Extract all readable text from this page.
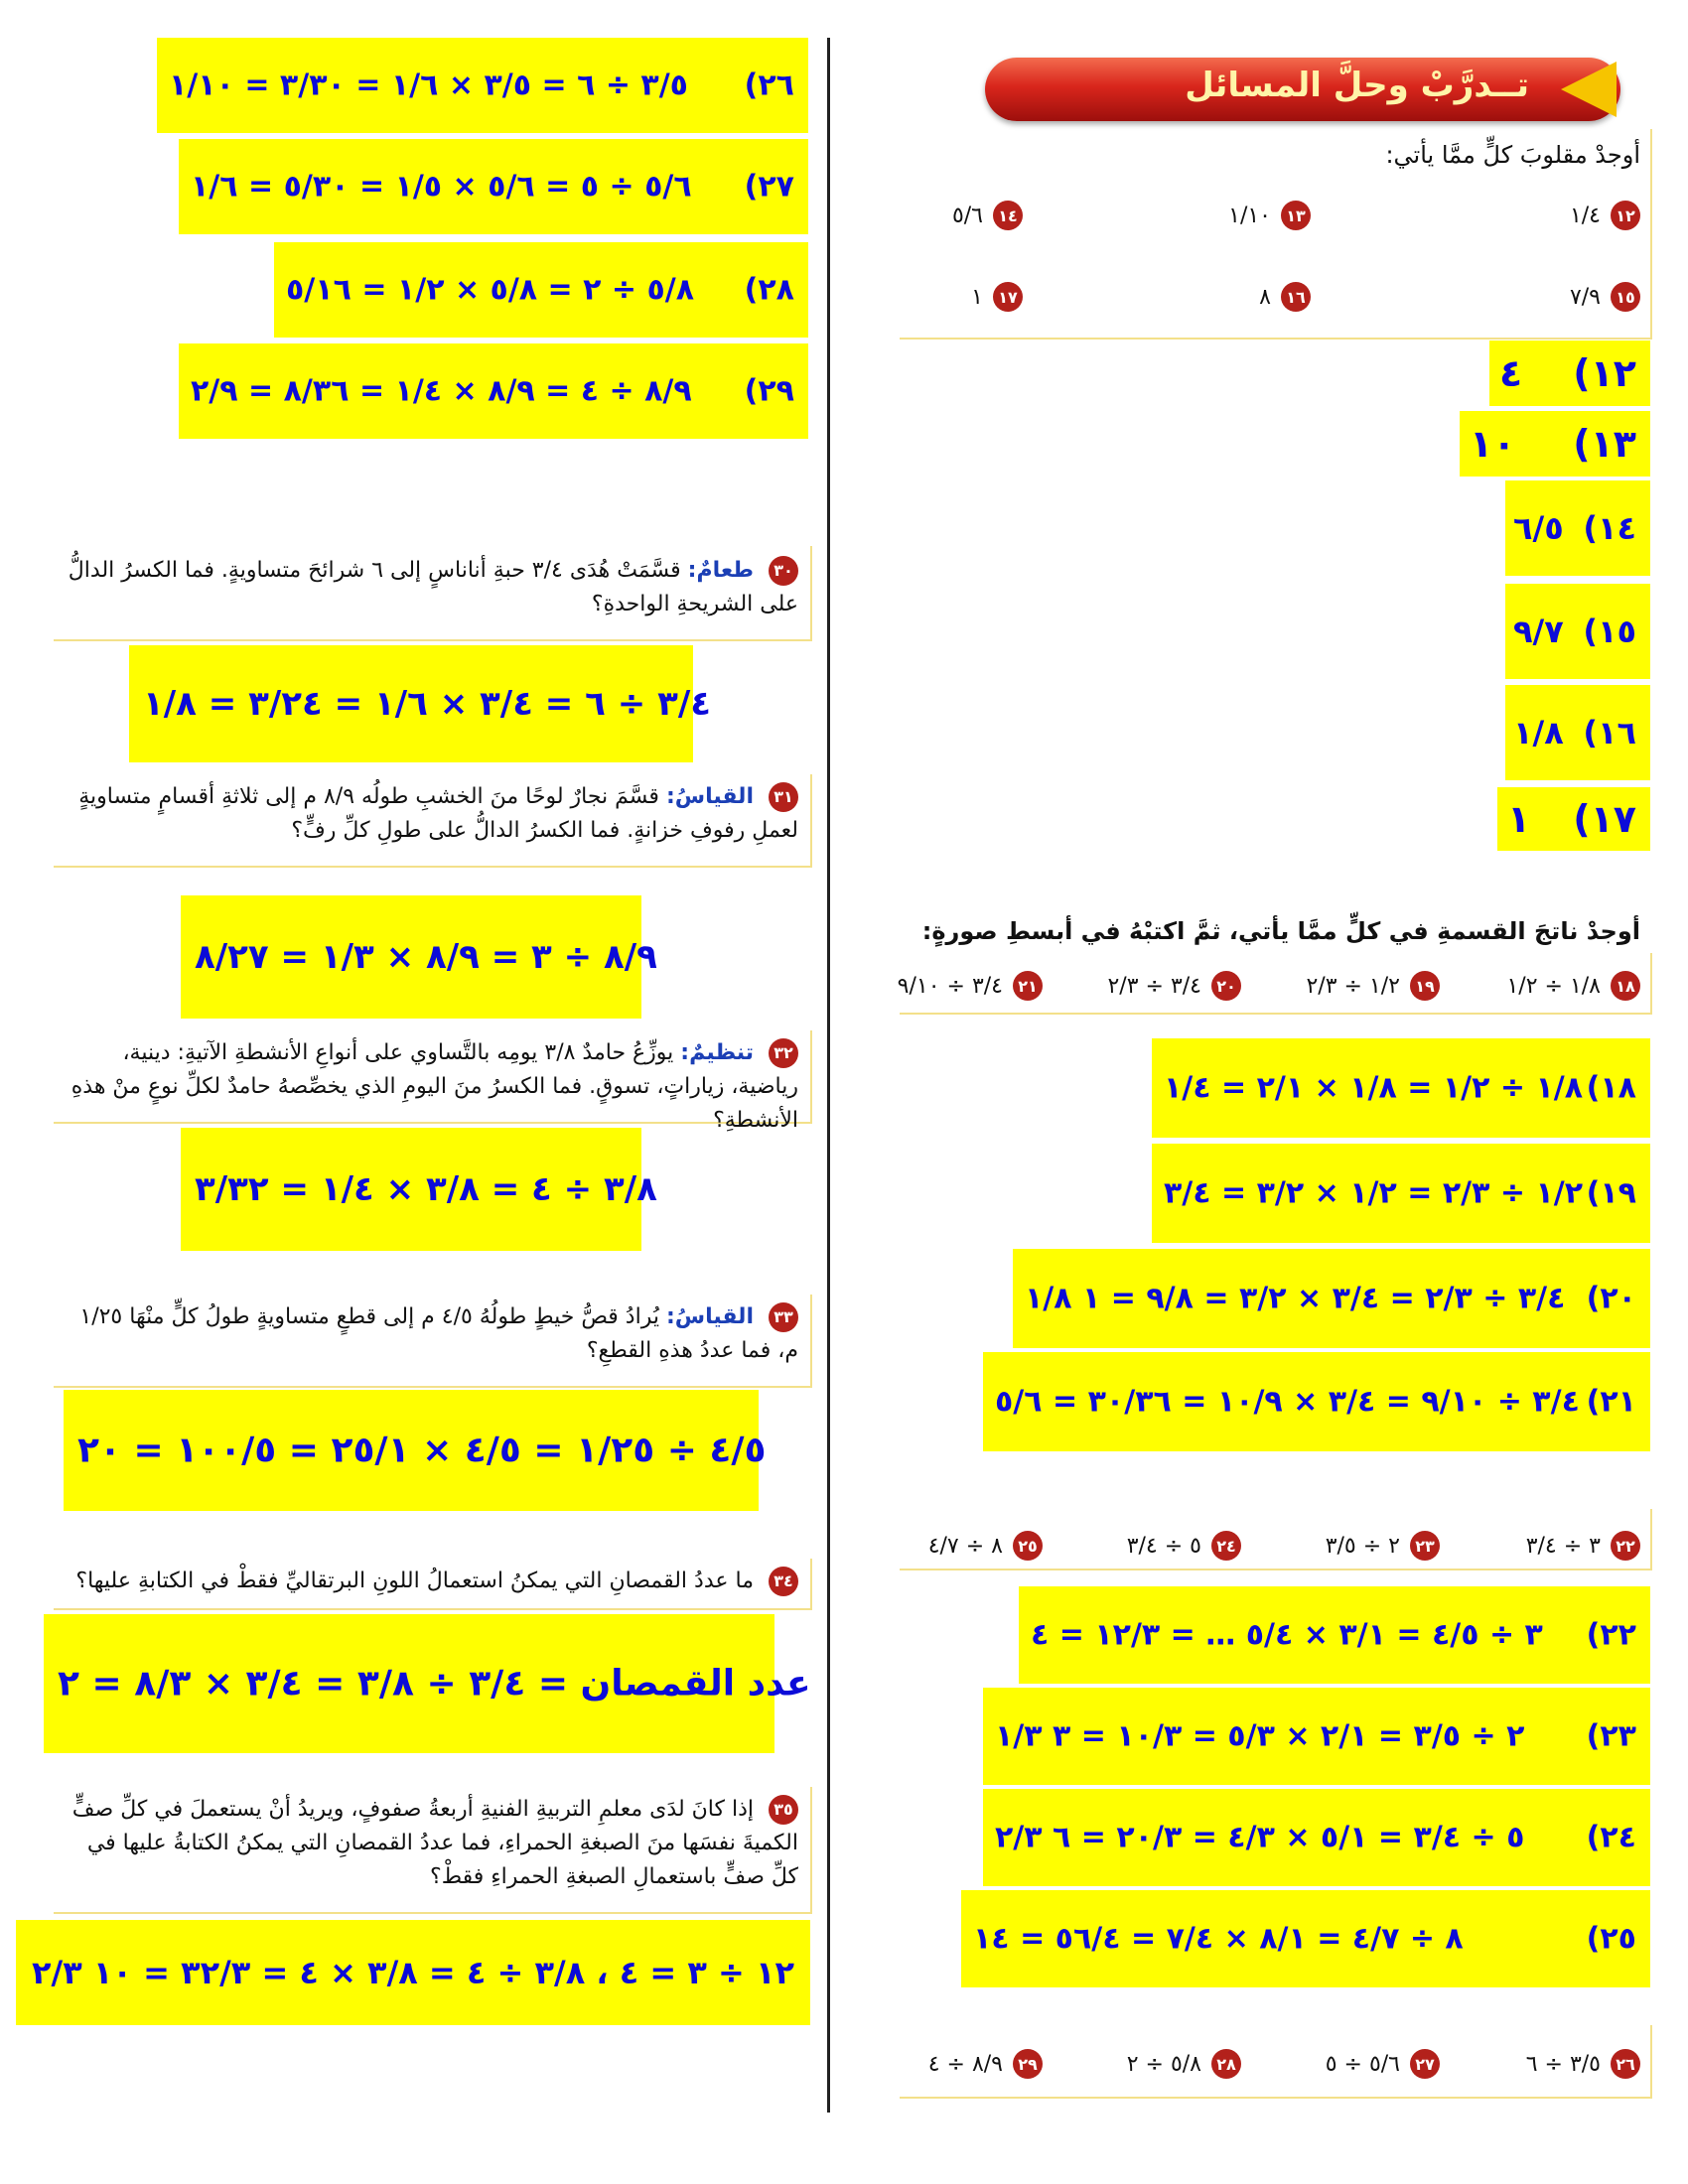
تــدرَّبْ وحلَّ المسائل
أوجدْ مقلوبَ كلٍّ ممَّا يأتي:
١٢
١/٤
١٣
١/١٠
١٤
٥/٦
١٥
٧/٩
١٦
٨
١٧
١
(١٢
٤
(١٣
١٠
(١٤
٦/٥
(١٥
٩/٧
(١٦
١/٨
(١٧
١
أوجدْ ناتجَ القسمةِ في كلٍّ ممَّا يأتي، ثمَّ اكتبْهُ في أبسطِ صورةٍ:
١٨
١/٨ ÷ ١/٢
١٩
١/٢ ÷ ٢/٣
٢٠
٣/٤ ÷ ٢/٣
٢١
٣/٤ ÷ ٩/١٠
(١٨
١/٨ ÷ ١/٢ = ١/٨ × ٢/١ = ١/٤
(١٩
١/٢ ÷ ٢/٣ = ١/٢ × ٣/٢ = ٣/٤
(٢٠
٣/٤ ÷ ٢/٣ = ٣/٤ × ٣/٢ = ٩/٨ = ١ ١/٨
(٢١
٣/٤ ÷ ٩/١٠ = ٣/٤ × ١٠/٩ = ٣٠/٣٦ = ٥/٦
٢٢
٣ ÷ ٣/٤
٢٣
٢ ÷ ٣/٥
٢٤
٥ ÷ ٣/٤
٢٥
٨ ÷ ٤/٧
(٢٢
٣ ÷ ٤/٥ = ٣/١ × ٥/٤ … = ١٢/٣ = ٤
(٢٣
٢ ÷ ٣/٥ = ٢/١ × ٥/٣ = ١٠/٣ = ٣ ١/٣
(٢٤
٥ ÷ ٣/٤ = ٥/١ × ٤/٣ = ٢٠/٣ = ٦ ٢/٣
(٢٥
٨ ÷ ٤/٧ = ٨/١ × ٧/٤ = ٥٦/٤ = ١٤
٢٦
٣/٥ ÷ ٦
٢٧
٥/٦ ÷ ٥
٢٨
٥/٨ ÷ ٢
٢٩
٨/٩ ÷ ٤
(٢٦
٣/٥ ÷ ٦ = ٣/٥ × ١/٦ = ٣/٣٠ = ١/١٠
(٢٧
٥/٦ ÷ ٥ = ٥/٦ × ١/٥ = ٥/٣٠ = ١/٦
(٢٨
٥/٨ ÷ ٢ = ٥/٨ × ١/٢ = ٥/١٦
(٢٩
٨/٩ ÷ ٤ = ٨/٩ × ١/٤ = ٨/٣٦ = ٢/٩
٣٠ طعامٌ: قسَّمَتْ هُدَى ٣/٤ حبةِ أناناسٍ إلى ٦ شرائحَ متساويةٍ. فما الكسرُ الدالُّ على الشريحةِ الواحدةِ؟
٣/٤ ÷ ٦ = ٣/٤ × ١/٦ = ٣/٢٤ = ١/٨
٣١ القياسُ: قسَّمَ نجارٌ لوحًا منَ الخشبِ طولُه ٨/٩ م إلى ثلاثةِ أقسامٍ متساويةٍ لعملِ رفوفِ خزانةٍ. فما الكسرُ الدالُّ على طولِ كلِّ رفٍّ؟
٨/٩ ÷ ٣ = ٨/٩ × ١/٣ = ٨/٢٧
٣٢ تنظيمٌ: يوزِّعُ حامدٌ ٣/٨ يومِه بالتَّساوي على أنواعِ الأنشطةِ الآتيةِ: دينية، رياضية، زياراتٍ، تسوقٍ. فما الكسرُ منَ اليومِ الذي يخصِّصهُ حامدٌ لكلِّ نوعٍ منْ هذهِ الأنشطةِ؟
٣/٨ ÷ ٤ = ٣/٨ × ١/٤ = ٣/٣٢
٣٣ القياسُ: يُرادُ قصُّ خيطٍ طولُهُ ٤/٥ م إلى قطعٍ متساويةٍ طولُ كلٍّ منْهَا ١/٢٥ م، فما عددُ هذهِ القطعِ؟
٤/٥ ÷ ١/٢٥ = ٤/٥ × ٢٥/١ = ١٠٠/٥ = ٢٠
٣٤ ما عددُ القمصانِ التي يمكنُ استعمالُ اللونِ البرتقاليِّ فقطْ في الكتابةِ عليها؟
عدد القمصان = ٣/٤ ÷ ٣/٨ = ٣/٤ × ٨/٣ = ٢
٣٥ إذا كانَ لدَى معلمِ التربيةِ الفنيةِ أربعةُ صفوفٍ، ويريدُ أنْ يستعملَ في كلِّ صفٍّ الكميةَ نفسَها منَ الصبغةِ الحمراءِ، فما عددُ القمصانِ التي يمكنُ الكتابةُ عليها في كلِّ صفٍّ باستعمالِ الصبغةِ الحمراءِ فقطْ؟
١٢ ÷ ٣ = ٤ ، ٣/٨ ÷ ٤ = ٣/٨ × ٤ = ٣٢/٣ = ١٠ ٢/٣
